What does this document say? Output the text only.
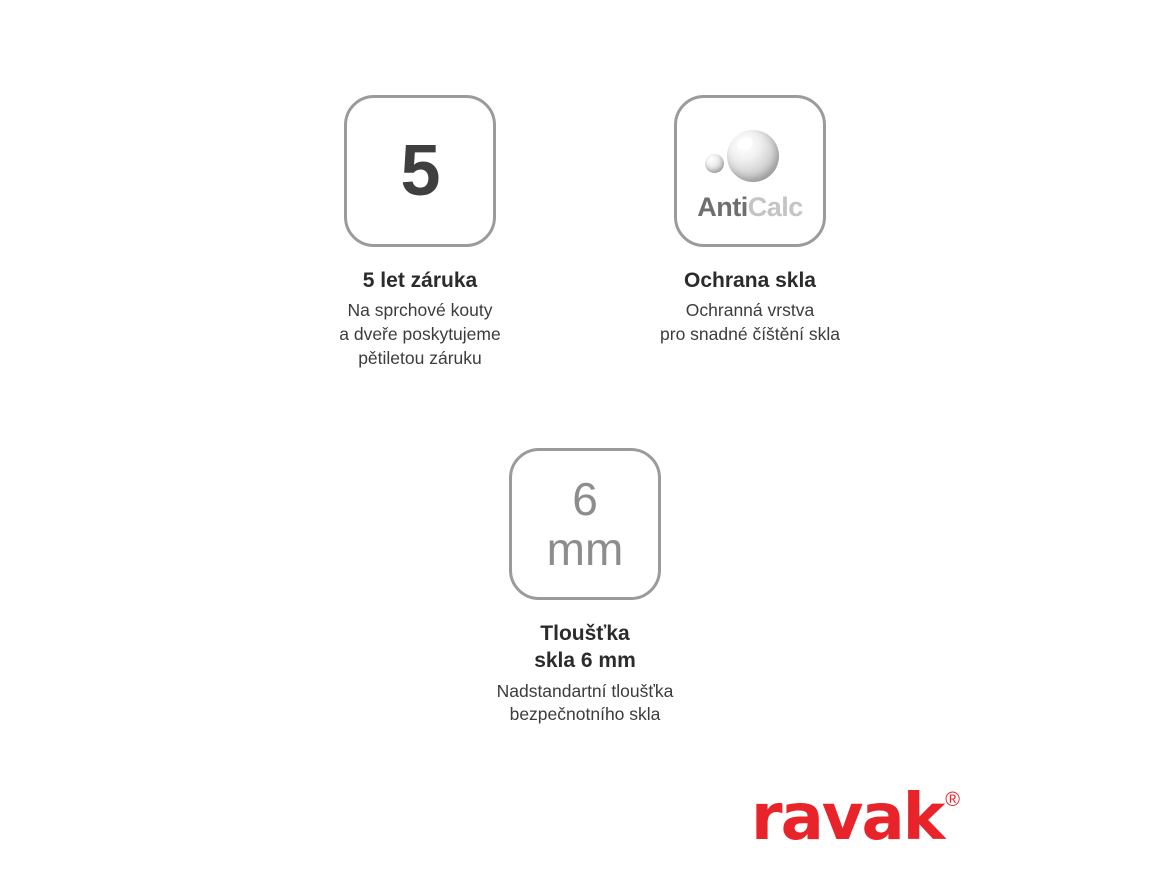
5
5 let záruka
Na sprchové kouty
a dveře poskytujeme
pětiletou záruku
AntiCalc
Ochrana skla
Ochranná vrstva
pro snadné číštění skla
6
mm
Tloušťka
skla 6 mm
Nadstandartní tloušťka
bezpečnotního skla
ravak ®
